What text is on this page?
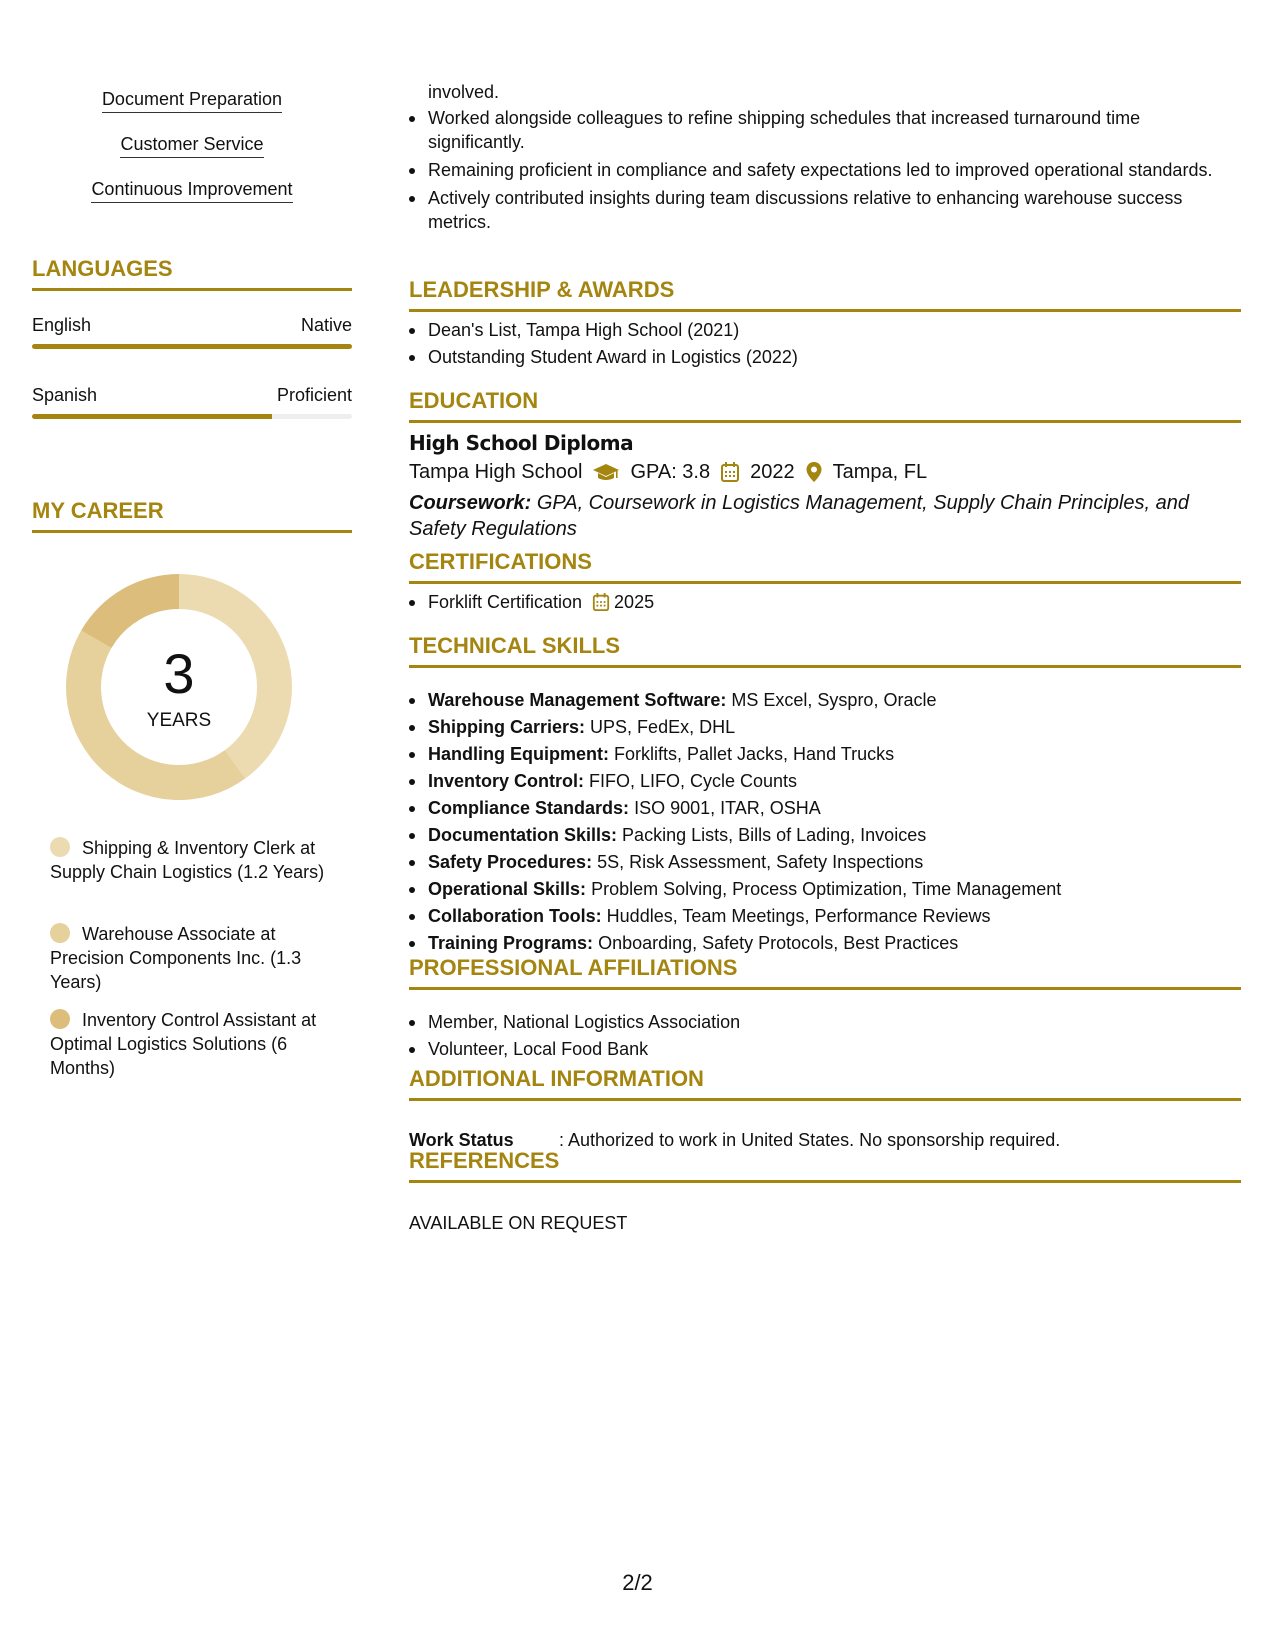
Document Preparation
Customer Service
Continuous Improvement
LANGUAGES
English	Native
Spanish	Proficient
MY CAREER
3
YEARS
Shipping & Inventory Clerk at Supply Chain Logistics (1.2 Years)
Warehouse Associate at Precision Components Inc. (1.3 Years)
Inventory Control Assistant at Optimal Logistics Solutions (6 Months)
involved.
Worked alongside colleagues to refine shipping schedules that increased turnaround time significantly.
Remaining proficient in compliance and safety expectations led to improved operational standards.
Actively contributed insights during team discussions relative to enhancing warehouse success metrics.
LEADERSHIP & AWARDS
Dean's List, Tampa High School (2021)
Outstanding Student Award in Logistics (2022)
EDUCATION
High School Diploma
Tampa High School GPA: 3.8 2022 Tampa, FL
Coursework: GPA, Coursework in Logistics Management, Supply Chain Principles, and Safety Regulations
CERTIFICATIONS
Forklift Certification 2025
TECHNICAL SKILLS
Warehouse Management Software: MS Excel, Syspro, Oracle
Shipping Carriers: UPS, FedEx, DHL
Handling Equipment: Forklifts, Pallet Jacks, Hand Trucks
Inventory Control: FIFO, LIFO, Cycle Counts
Compliance Standards: ISO 9001, ITAR, OSHA
Documentation Skills: Packing Lists, Bills of Lading, Invoices
Safety Procedures: 5S, Risk Assessment, Safety Inspections
Operational Skills: Problem Solving, Process Optimization, Time Management
Collaboration Tools: Huddles, Team Meetings, Performance Reviews
Training Programs: Onboarding, Safety Protocols, Best Practices
PROFESSIONAL AFFILIATIONS
Member, National Logistics Association
Volunteer, Local Food Bank
ADDITIONAL INFORMATION
Work Status	: Authorized to work in United States. No sponsorship required.
REFERENCES
AVAILABLE ON REQUEST
2/2
